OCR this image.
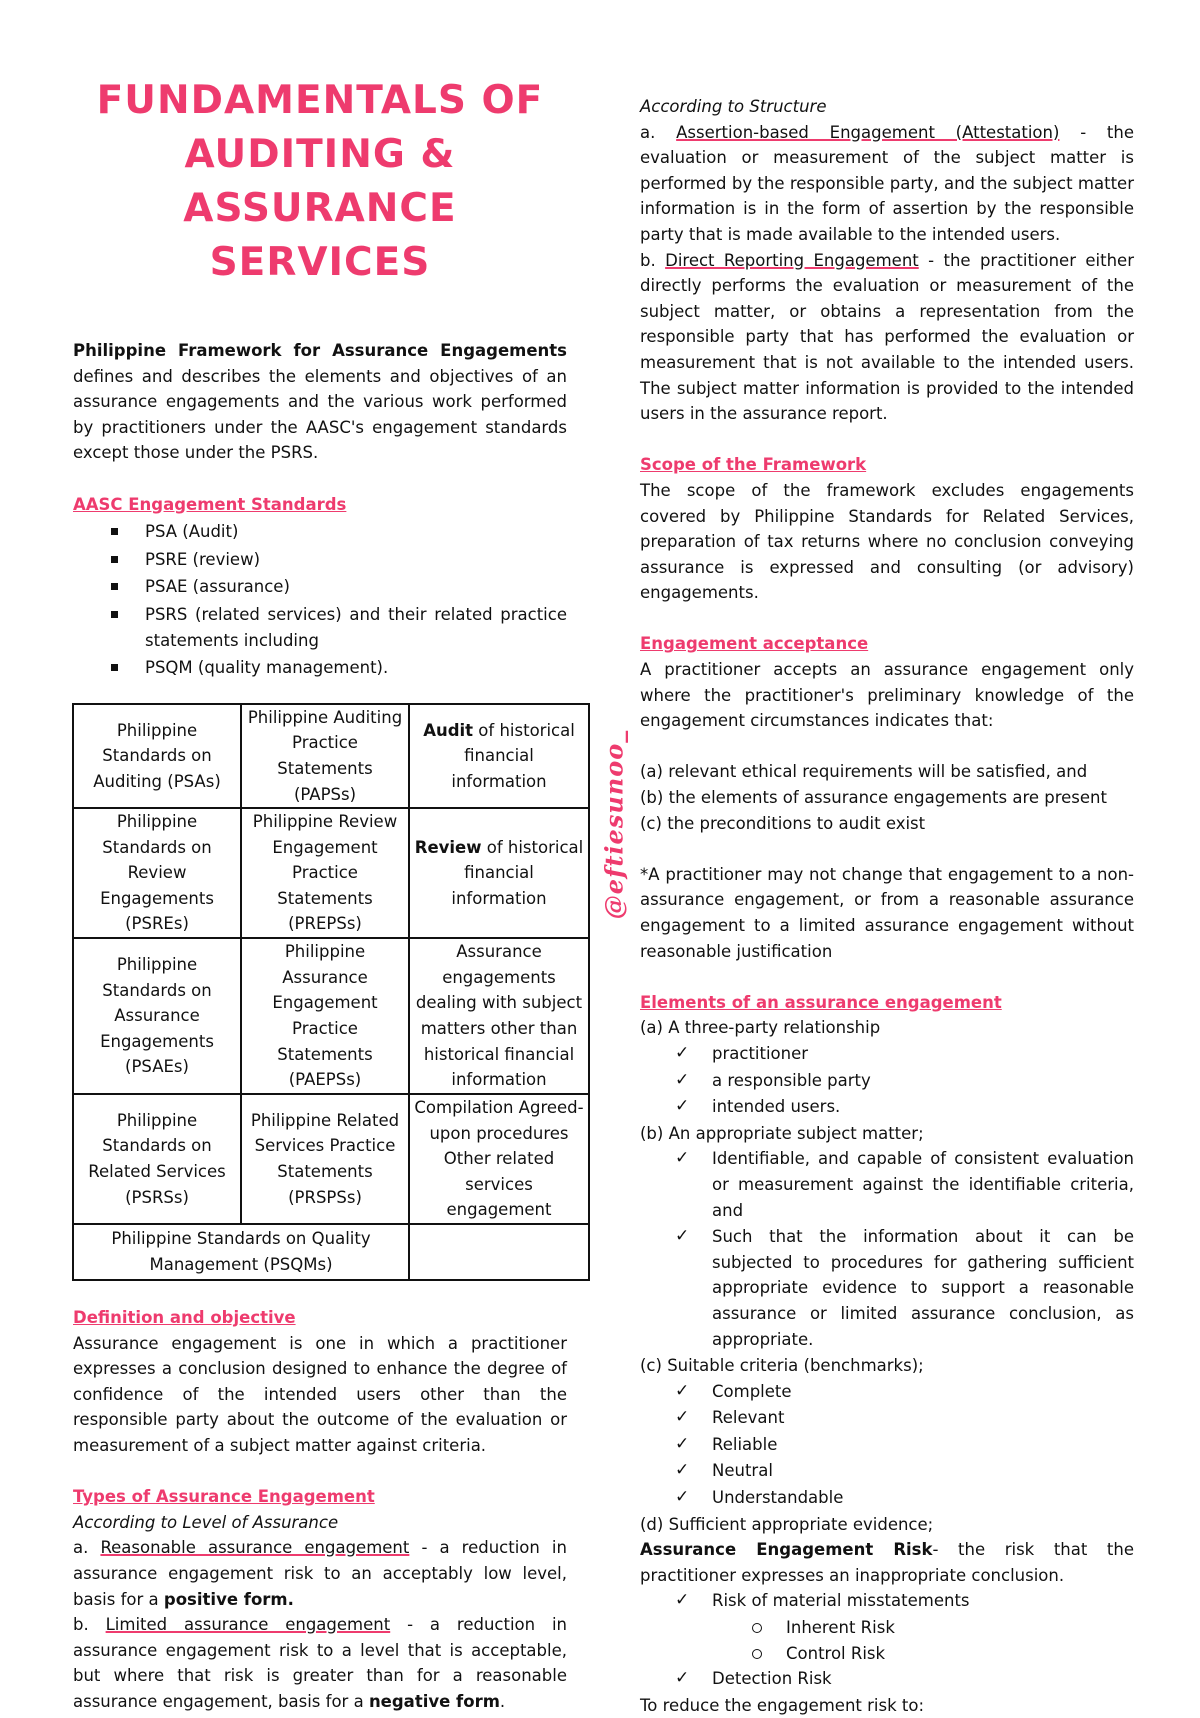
FUNDAMENTALS OF AUDITING & ASSURANCE SERVICES

Philippine Framework for Assurance Engagements defines and describes the elements and objectives of an assurance engagements and the various work performed by practitioners under the AASC's engagement standards except those under the PSRS.

AASC Engagement Standards
PSA (Audit)
PSRE (review)
PSAE (assurance)
PSRS (related services) and their related practice statements including
PSQM (quality management).
Philippine Standards on Auditing (PSAs)	Philippine Auditing Practice Statements (PAPSs)	Audit of historical financial information
Philippine Standards on Review Engagements (PSREs)	Philippine Review Engagement Practice Statements (PREPSs)	Review of historical financial information
Philippine Standards on Assurance Engagements (PSAEs)	Philippine Assurance Engagement Practice Statements (PAEPSs)	Assurance engagements dealing with subject matters other than historical financial information
Philippine Standards on Related Services (PSRSs)	Philippine Related Services Practice Statements (PRSPSs)	Compilation Agreed-upon procedures Other related services engagement
Philippine Standards on Quality Management (PSQMs)		
Definition and objective

Assurance engagement is one in which a practitioner expresses a conclusion designed to enhance the degree of confidence of the intended users other than the responsible party about the outcome of the evaluation or measurement of a subject matter against criteria.

Types of Assurance Engagement

According to Level of Assurance

a. Reasonable assurance engagement - a reduction in assurance engagement risk to an acceptably low level, basis for a positive form.

b. Limited assurance engagement - a reduction in assurance engagement risk to a level that is acceptable, but where that risk is greater than for a reasonable assurance engagement, basis for a negative form.

@eftiesunoo_

According to Structure

a. Assertion-based Engagement (Attestation) - the evaluation or measurement of the subject matter is performed by the responsible party, and the subject matter information is in the form of assertion by the responsible party that is made available to the intended users.

b. Direct Reporting Engagement - the practitioner either directly performs the evaluation or measurement of the subject matter, or obtains a representation from the responsible party that has performed the evaluation or measurement that is not available to the intended users. The subject matter information is provided to the intended users in the assurance report.

Scope of the Framework

The scope of the framework excludes engagements covered by Philippine Standards for Related Services, preparation of tax returns where no conclusion conveying assurance is expressed and consulting (or advisory) engagements.

Engagement acceptance

A practitioner accepts an assurance engagement only where the practitioner's preliminary knowledge of the engagement circumstances indicates that:

(a) relevant ethical requirements will be satisfied, and

(b) the elements of assurance engagements are present

(c) the preconditions to audit exist

*A practitioner may not change that engagement to a non-assurance engagement, or from a reasonable assurance engagement to a limited assurance engagement without reasonable justification

Elements of an assurance engagement

(a) A three-party relationship

✓ practitioner
✓ a responsible party
✓ intended users.

(b) An appropriate subject matter;

✓ Identifiable, and capable of consistent evaluation or measurement against the identifiable criteria, and
✓ Such that the information about it can be subjected to procedures for gathering sufficient appropriate evidence to support a reasonable assurance or limited assurance conclusion, as appropriate.

(c) Suitable criteria (benchmarks);

✓ Complete
✓ Relevant
✓ Reliable
✓ Neutral
✓ Understandable

(d) Sufficient appropriate evidence;

Assurance Engagement Risk- the risk that the practitioner expresses an inappropriate conclusion.

✓ Risk of material misstatements
Inherent Risk
Control Risk
✓ Detection Risk

To reduce the engagement risk to:
